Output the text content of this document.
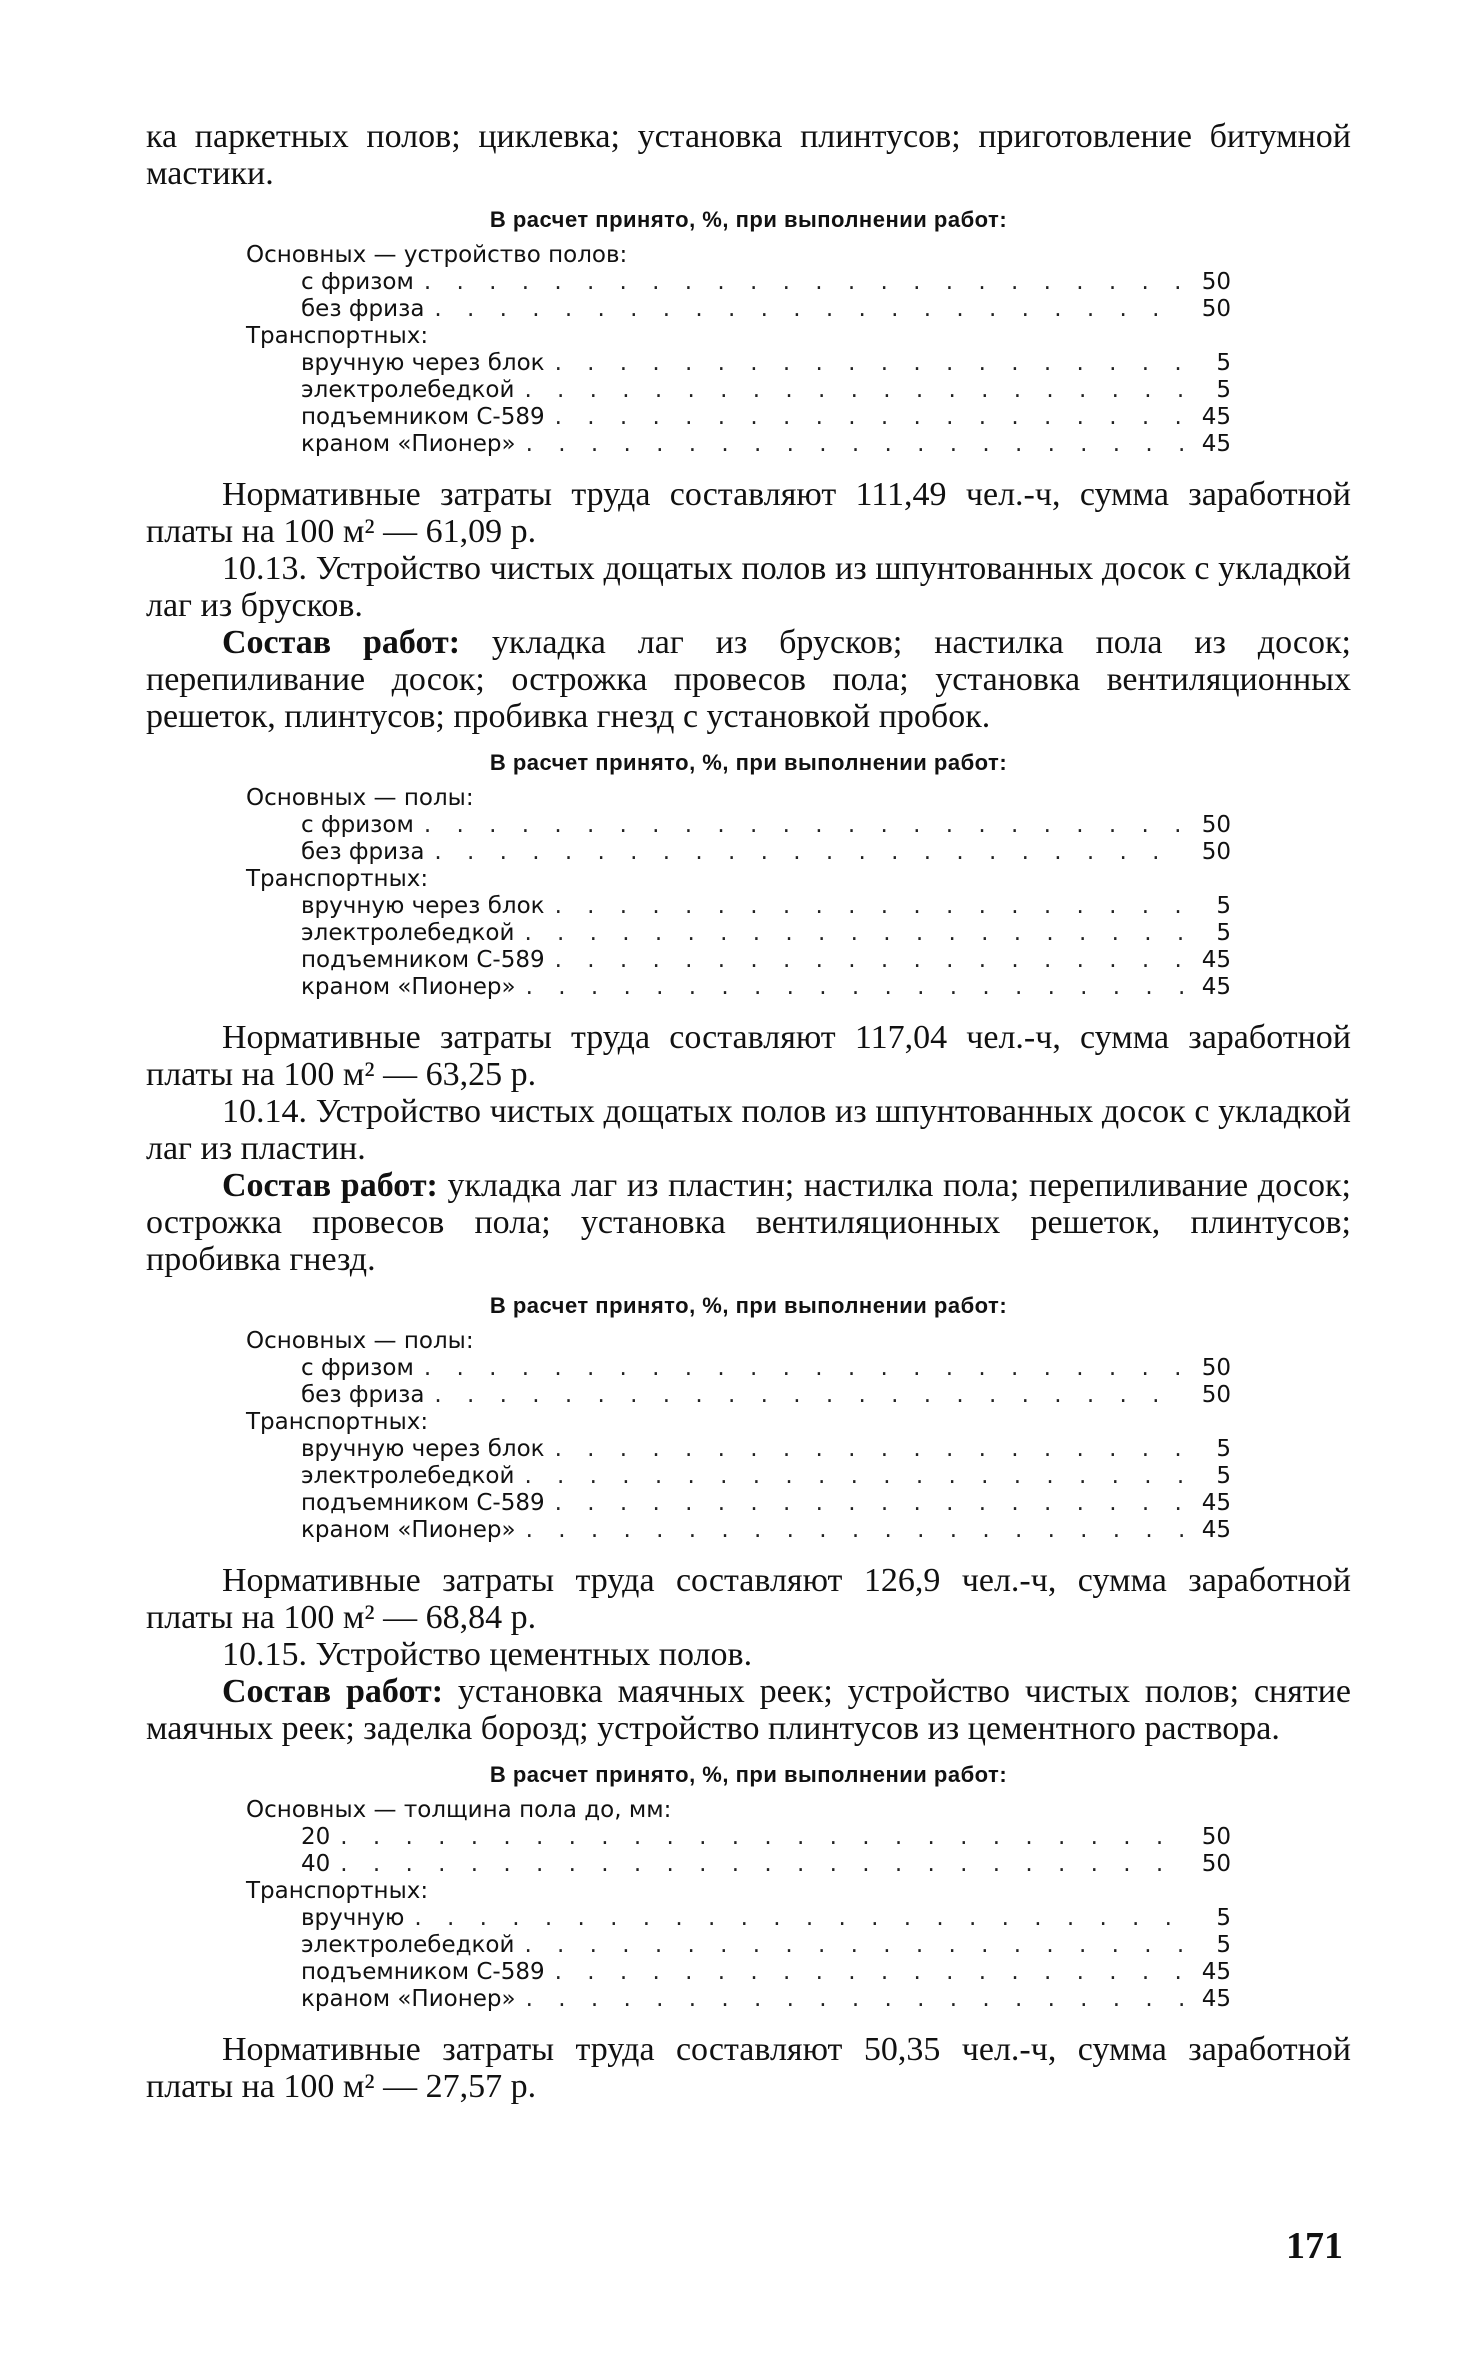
ка паркетных полов; циклевка; установка плинтусов; приготовление битумной мастики.

В расчет принято, %, при выполнении работ:
Основных — устройство полов:
с фризом . . .	50
без фриза . . .	50
Транспортных:
вручную через блок . . .	5
электролебедкой . . .	5
подъемником С-589 . . .	45
краном «Пионер» . . .	45

Нормативные затраты труда составляют 111,49 чел.-ч, сумма заработной платы на 100 м² — 61,09 р.

10.13. Устройство чистых дощатых полов из шпунтованных досок с укладкой лаг из брусков.

Состав работ: укладка лаг из брусков; настилка пола из досок; перепиливание досок; острожка провесов пола; установка вентиляционных решеток, плинтусов; пробивка гнезд с установкой пробок.

В расчет принято, %, при выполнении работ:
Основных — полы:
с фризом . . .	50
без фриза . . .	50
Транспортных:
вручную через блок . . .	5
электролебедкой . . .	5
подъемником С-589 . . .	45
краном «Пионер» . . .	45

Нормативные затраты труда составляют 117,04 чел.-ч, сумма заработной платы на 100 м² — 63,25 р.

10.14. Устройство чистых дощатых полов из шпунтованных досок с укладкой лаг из пластин.

Состав работ: укладка лаг из пластин; настилка пола; перепиливание досок; острожка провесов пола; установка вентиляционных решеток, плинтусов; пробивка гнезд.

В расчет принято, %, при выполнении работ:
Основных — полы:
с фризом . . .	50
без фриза . . .	50
Транспортных:
вручную через блок . . .	5
электролебедкой . . .	5
подъемником С-589 . . .	45
краном «Пионер» . . .	45

Нормативные затраты труда составляют 126,9 чел.-ч, сумма заработной платы на 100 м² — 68,84 р.

10.15. Устройство цементных полов.

Состав работ: установка маячных реек; устройство чистых полов; снятие маячных реек; заделка борозд; устройство плинтусов из цементного раствора.

В расчет принято, %, при выполнении работ:
Основных — толщина пола до, мм:
20 . . .	50
40 . . .	50
Транспортных:
вручную . . .	5
электролебедкой . . .	5
подъемником С-589 . . .	45
краном «Пионер» . . .	45

Нормативные затраты труда составляют 50,35 чел.-ч, сумма заработной платы на 100 м² — 27,57 р.

171
